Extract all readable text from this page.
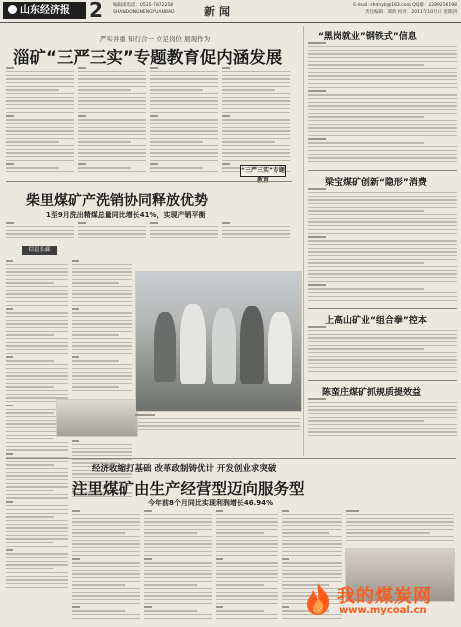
山东经济报 2 编辑部电话：0535-7872258
SHANDONGNENGYUANBAO	新闻	E-mail: shdnyb@163.com QQ群：2289216198
责任编辑：谭欣 校对：2011年10月日 星期四
严实并重 知行合一 立足岗位 展现作为
淄矿“三严三实”专题教育促内涵发展
“三严三实”专题
柴里煤矿产洗销协同释放优势
1至9月洗出精煤总量同比增长41%，实现产销平衡
信息长廊
“黑岗就业”钢铁式”信息
梁宝煤矿创新“隐形”消费
上高山矿业“组合拳”控本
陈蛮庄煤矿抓规质提效益
经济收缩打基础 改革政制铸优计 开发创业求突破
注里煤矿由生产经营型迈向服务型
今年前8个月同比实现利润增长46.94%
我的煤炭网
www.mycoal.cn
